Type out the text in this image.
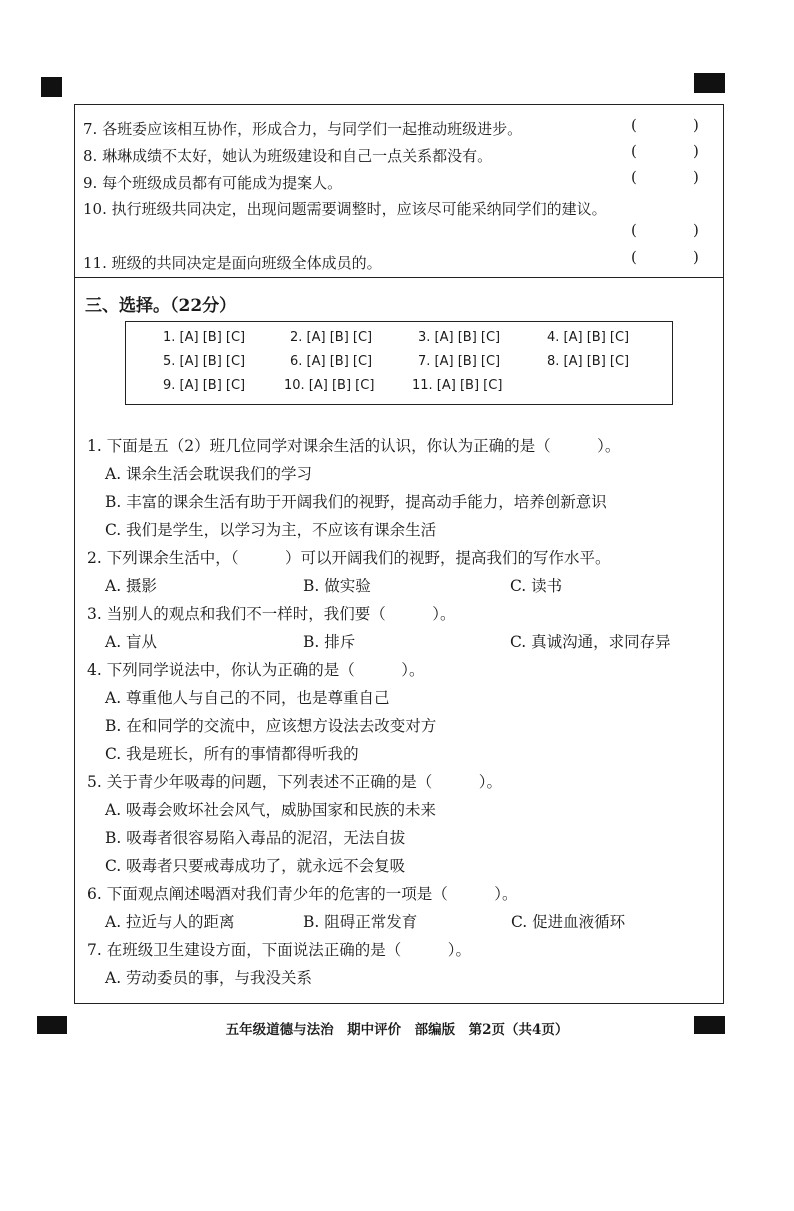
7. 各班委应该相互协作，形成合力，与同学们一起推动班级进步。	(	)
8. 琳琳成绩不太好，她认为班级建设和自己一点关系都没有。	(	)
9. 每个班级成员都有可能成为提案人。	(	)
10. 执行班级共同决定，出现问题需要调整时，应该尽可能采纳同学们的建议。
(	)
11. 班级的共同决定是面向班级全体成员的。	(	)
三、选择。（22分）
1. [A] [B] [C]	2. [A] [B] [C]	3. [A] [B] [C]	4. [A] [B] [C]
5. [A] [B] [C]	6. [A] [B] [C]	7. [A] [B] [C]	8. [A] [B] [C]
9. [A] [B] [C]	10. [A] [B] [C]	11. [A] [B] [C]
1. 下面是五（2）班几位同学对课余生活的认识，你认为正确的是（　　　）。
A. 课余生活会耽误我们的学习
B. 丰富的课余生活有助于开阔我们的视野，提高动手能力，培养创新意识
C. 我们是学生，以学习为主，不应该有课余生活
2. 下列课余生活中，（　　　）可以开阔我们的视野，提高我们的写作水平。
A. 摄影	B. 做实验	C. 读书
3. 当别人的观点和我们不一样时，我们要（　　　）。
A. 盲从	B. 排斥	C. 真诚沟通，求同存异
4. 下列同学说法中，你认为正确的是（　　　）。
A. 尊重他人与自己的不同，也是尊重自己
B. 在和同学的交流中，应该想方设法去改变对方
C. 我是班长，所有的事情都得听我的
5. 关于青少年吸毒的问题，下列表述不正确的是（　　　）。
A. 吸毒会败坏社会风气，威胁国家和民族的未来
B. 吸毒者很容易陷入毒品的泥沼，无法自拔
C. 吸毒者只要戒毒成功了，就永远不会复吸
6. 下面观点阐述喝酒对我们青少年的危害的一项是（　　　）。
A. 拉近与人的距离	B. 阻碍正常发育	C. 促进血液循环
7. 在班级卫生建设方面，下面说法正确的是（　　　）。
A. 劳动委员的事，与我没关系
五年级道德与法治　期中评价　部编版　第2页（共4页）
